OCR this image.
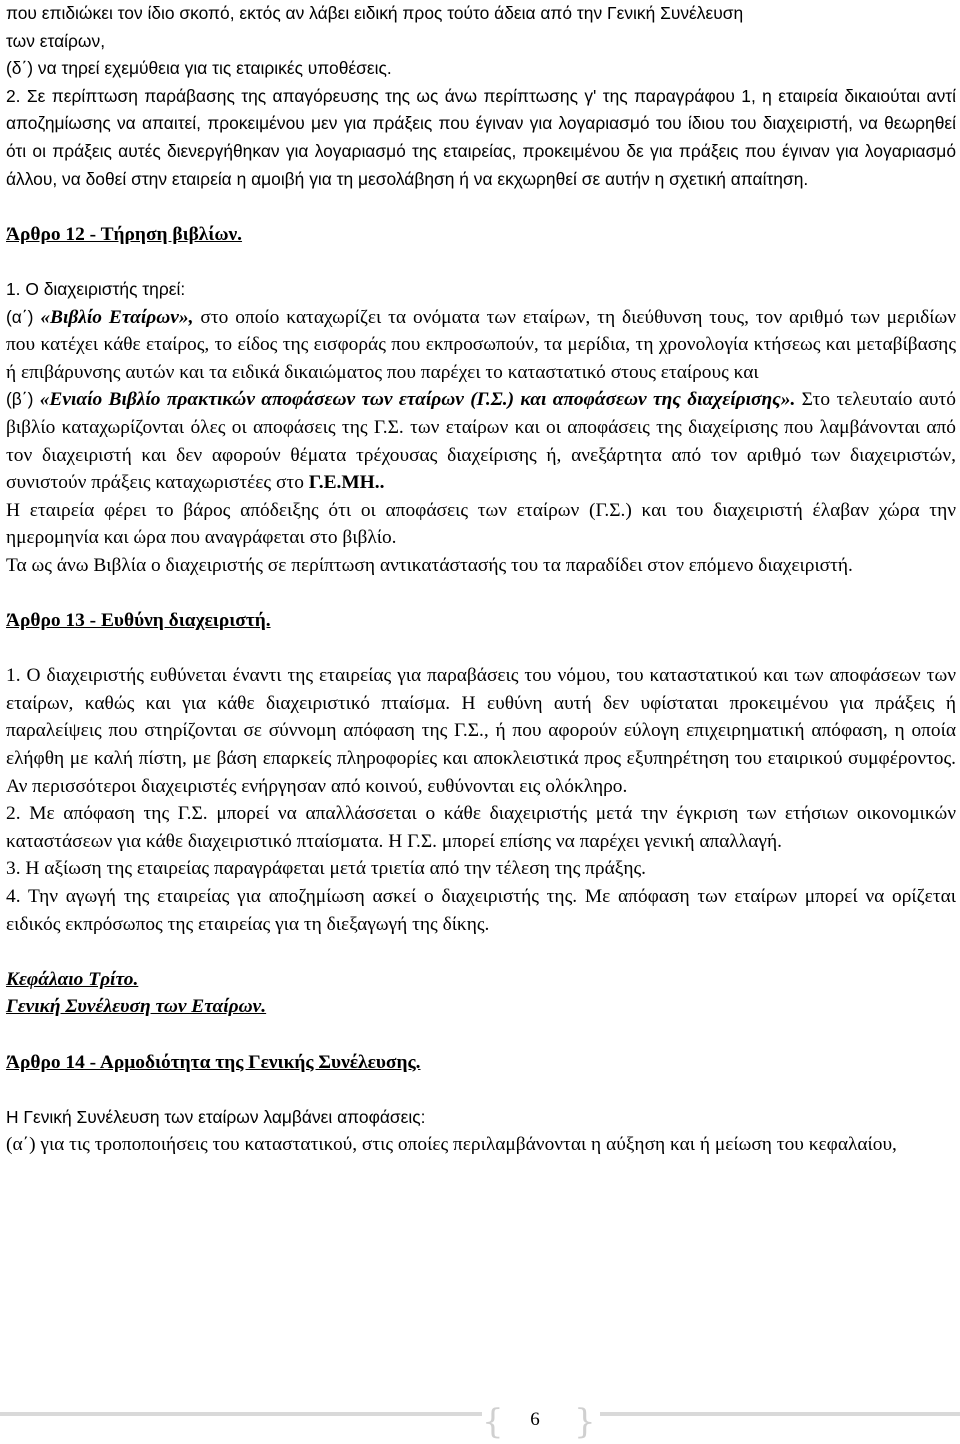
που επιδιώκει τον ίδιο σκοπό, εκτός αν λάβει ειδική προς τούτο άδεια από την Γενική Συνέλευση

των εταίρων,

(δ΄) να τηρεί εχεμύθεια για τις εταιρικές υποθέσεις.

2. Σε περίπτωση παράβασης της απαγόρευσης της ως άνω περίπτωσης γ' της παραγράφου 1, η εταιρεία δικαιούται αντί αποζημίωσης να απαιτεί, προκειμένου μεν για πράξεις που έγιναν για λογαριασμό του ίδιου του διαχειριστή, να θεωρηθεί ότι οι πράξεις αυτές διενεργήθηκαν για λογαριασμό της εταιρείας, προκειμένου δε για πράξεις που έγιναν για λογαριασμό άλλου, να δοθεί στην εταιρεία η αμοιβή για τη μεσολάβηση ή να εκχωρηθεί σε αυτήν η σχετική απαίτηση.

Άρθρο 12 - Τήρηση βιβλίων.

1. Ο διαχειριστής τηρεί:

(α΄) «Βιβλίο Εταίρων», στο οποίο καταχωρίζει τα ονόματα των εταίρων, τη διεύθυνση τους, τον αριθμό των μεριδίων που κατέχει κάθε εταίρος, το είδος της εισφοράς που εκπροσωπούν, τα μερίδια, τη χρονολογία κτήσεως και μεταβίβασης ή επιβάρυνσης αυτών και τα ειδικά δικαιώματος που παρέχει το καταστατικό στους εταίρους και

(β΄) «Ενιαίο Βιβλίο πρακτικών αποφάσεων των εταίρων (Γ.Σ.) και αποφάσεων της διαχείρισης». Στο τελευταίο αυτό βιβλίο καταχωρίζονται όλες οι αποφάσεις της Γ.Σ. των εταίρων και οι αποφάσεις της διαχείρισης που λαμβάνονται από τον διαχειριστή και δεν αφορούν θέματα τρέχουσας διαχείρισης ή, ανεξάρτητα από τον αριθμό των διαχειριστών, συνιστούν πράξεις καταχωριστέες στο Γ.Ε.ΜΗ..

Η εταιρεία φέρει το βάρος απόδειξης ότι οι αποφάσεις των εταίρων (Γ.Σ.) και του διαχειριστή έλαβαν χώρα την ημερομηνία και ώρα που αναγράφεται στο βιβλίο.

Τα ως άνω Βιβλία ο διαχειριστής σε περίπτωση αντικατάστασής του τα παραδίδει στον επόμενο διαχειριστή.

Άρθρο 13 - Ευθύνη διαχειριστή.

1. Ο διαχειριστής ευθύνεται έναντι της εταιρείας για παραβάσεις του νόμου, του καταστατικού και των αποφάσεων των εταίρων, καθώς και για κάθε διαχειριστικό πταίσμα. Η ευθύνη αυτή δεν υφίσταται προκειμένου για πράξεις ή παραλείψεις που στηρίζονται σε σύννομη απόφαση της Γ.Σ., ή που αφορούν εύλογη επιχειρηματική απόφαση, η οποία ελήφθη με καλή πίστη, με βάση επαρκείς πληροφορίες και αποκλειστικά προς εξυπηρέτηση του εταιρικού συμφέροντος. Αν περισσότεροι διαχειριστές ενήργησαν από κοινού, ευθύνονται εις ολόκληρο.

2. Με απόφαση της Γ.Σ. μπορεί να απαλλάσσεται ο κάθε διαχειριστής μετά την έγκριση των ετήσιων οικονομικών καταστάσεων για κάθε διαχειριστικό πταίσματα. Η Γ.Σ. μπορεί επίσης να παρέχει γενική απαλλαγή.

3. Η αξίωση της εταιρείας παραγράφεται μετά τριετία από την τέλεση της πράξης.

4. Την αγωγή της εταιρείας για αποζημίωση ασκεί ο διαχειριστής της. Με απόφαση των εταίρων μπορεί να ορίζεται ειδικός εκπρόσωπος της εταιρείας για τη διεξαγωγή της δίκης.

Κεφάλαιο Τρίτο.

Γενική Συνέλευση των Εταίρων.

Άρθρο 14 - Αρμοδιότητα της Γενικής Συνέλευσης.

Η Γενική Συνέλευση των εταίρων λαμβάνει αποφάσεις:

(α΄) για τις τροποποιήσεις του καταστατικού, στις οποίες περιλαμβάνονται η αύξηση και ή μείωση του κεφαλαίου,

{	6	}
